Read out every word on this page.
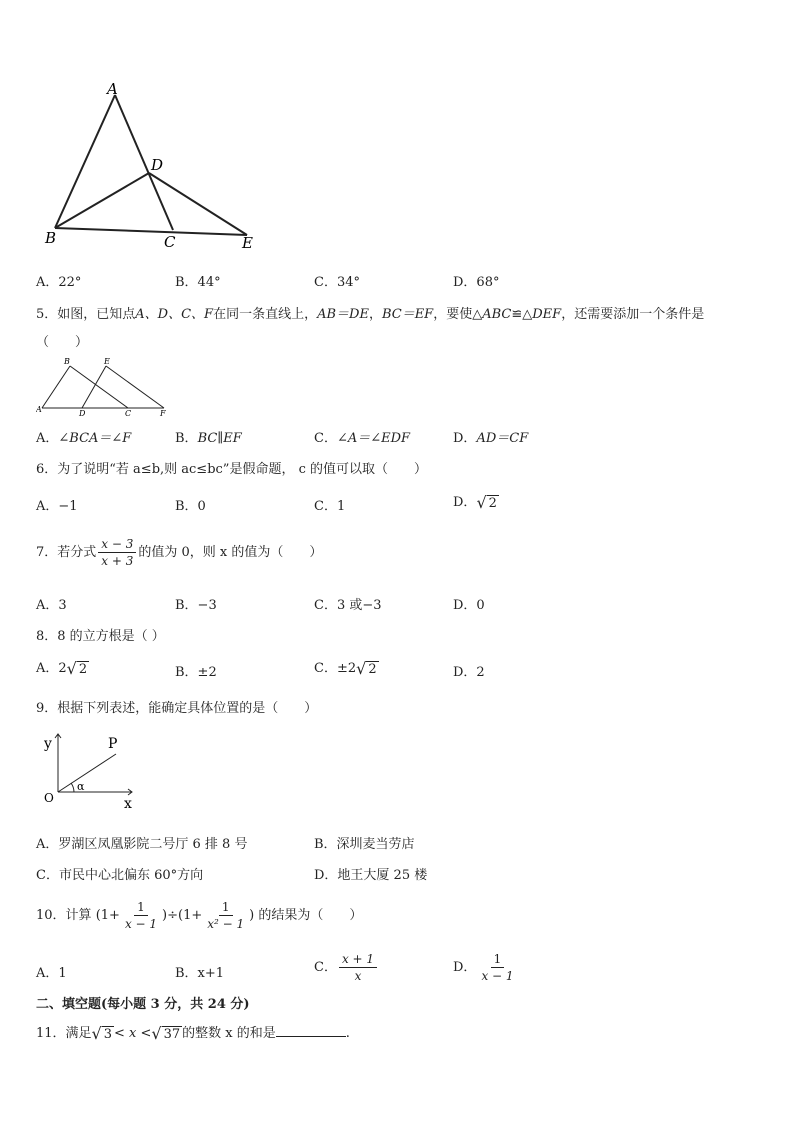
A
B	C
D
E
A．22°	B．44°	C．34°	D．68°
5．如图，已知点A、D、C、F在同一条直线上，AB＝DE，BC＝EF，要使△ABC≌△DEF，还需要添加一个条件是
（　　）
A
B
C
D
E
F
A．∠BCA＝∠F	B．BC∥EF	C．∠A＝∠EDF	D．AD＝CF
6．为了说明“若 a≤b,则 ac≤bc”是假命题， c 的值可以取（　　）
A．−1	B．0	C．1	D． √ 2
7．若分式 $\frac{x - 3}{x + 3}$ 的值为 0，则 x 的值为（　　）
A．3	B．−3	C．3 或−3	D．0
8．8 的立方根是（ ）
A．2 √ 2	B．±2	C．±2 √ 2	D．2
9．根据下列表述，能确定具体位置的是（　　）
y
x
O
P
α
A．罗湖区凤凰影院二号厅 6 排 8 号	B．深圳麦当劳店
C．市民中心北偏东 60°方向	D．地王大厦 25 楼
10．计算 $(1+ \frac{1}{x - 1} )\div(1+ \frac{1}{\text{x² − 1}}$ ) 的结果为（　　）
A．1	B．x+1	C． $\frac{x + 1}{x}$	D． $\frac{1}{x - 1}$
二、填空题(每小题 3 分，共 24 分)
11．满足 √ 3 < x < √ 37 的整数 x 的和是	.
